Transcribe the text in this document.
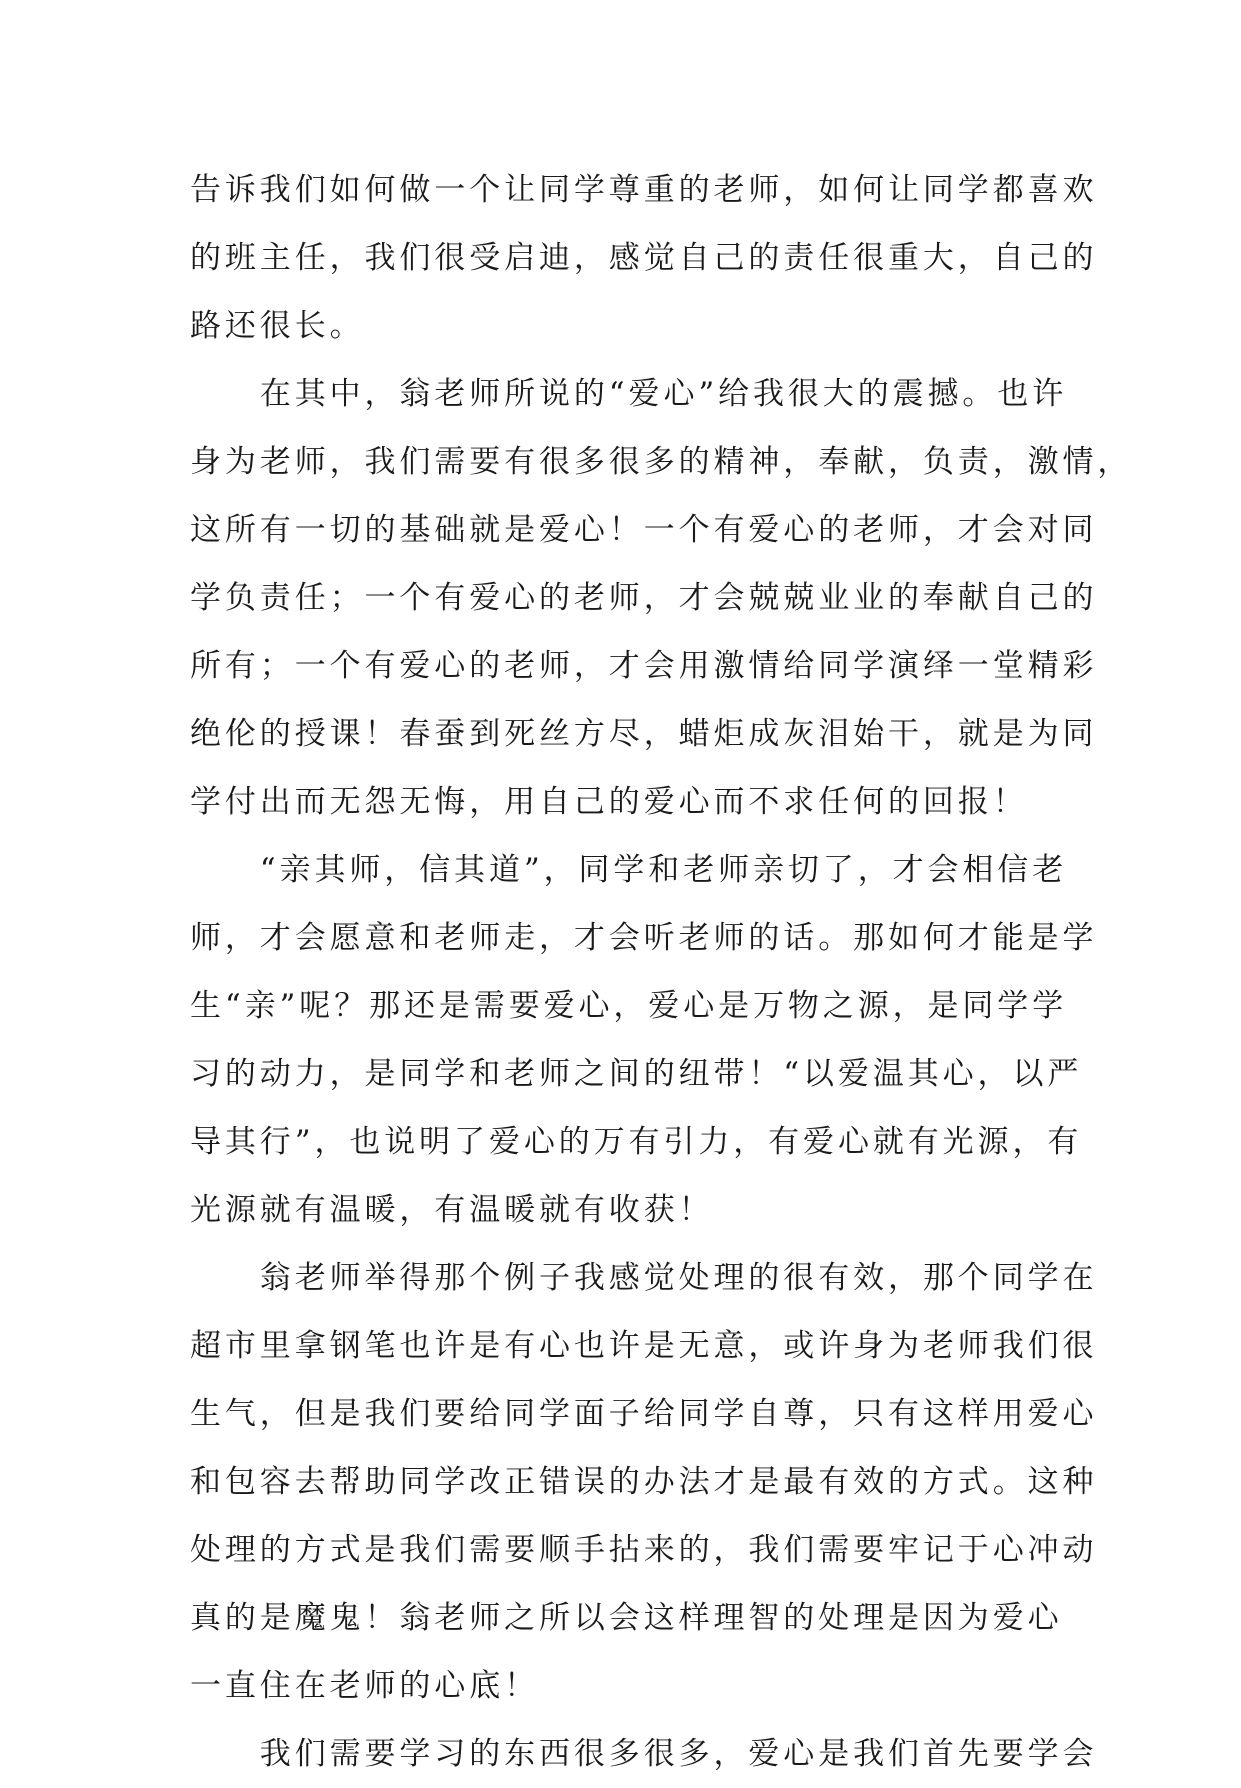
告诉我们如何做一个让同学尊重的老师，如何让同学都喜欢
的班主任，我们很受启迪，感觉自己的责任很重大，自己的
路还很长。
　　在其中，翁老师所说的“爱心”给我很大的震撼。也许
身为老师，我们需要有很多很多的精神，奉献，负责，激情，
这所有一切的基础就是爱心！一个有爱心的老师，才会对同
学负责任；一个有爱心的老师，才会兢兢业业的奉献自己的
所有；一个有爱心的老师，才会用激情给同学演绎一堂精彩
绝伦的授课！春蚕到死丝方尽，蜡炬成灰泪始干，就是为同
学付出而无怨无悔，用自己的爱心而不求任何的回报！
　　“亲其师，信其道”，同学和老师亲切了，才会相信老
师，才会愿意和老师走，才会听老师的话。那如何才能是学
生“亲”呢？那还是需要爱心，爱心是万物之源，是同学学
习的动力，是同学和老师之间的纽带！“以爱温其心，以严
导其行”，也说明了爱心的万有引力，有爱心就有光源，有
光源就有温暖，有温暖就有收获！
　　翁老师举得那个例子我感觉处理的很有效，那个同学在
超市里拿钢笔也许是有心也许是无意，或许身为老师我们很
生气，但是我们要给同学面子给同学自尊，只有这样用爱心
和包容去帮助同学改正错误的办法才是最有效的方式。这种
处理的方式是我们需要顺手拈来的，我们需要牢记于心冲动
真的是魔鬼！翁老师之所以会这样理智的处理是因为爱心
一直住在老师的心底！
　　我们需要学习的东西很多很多，爱心是我们首先要学会
